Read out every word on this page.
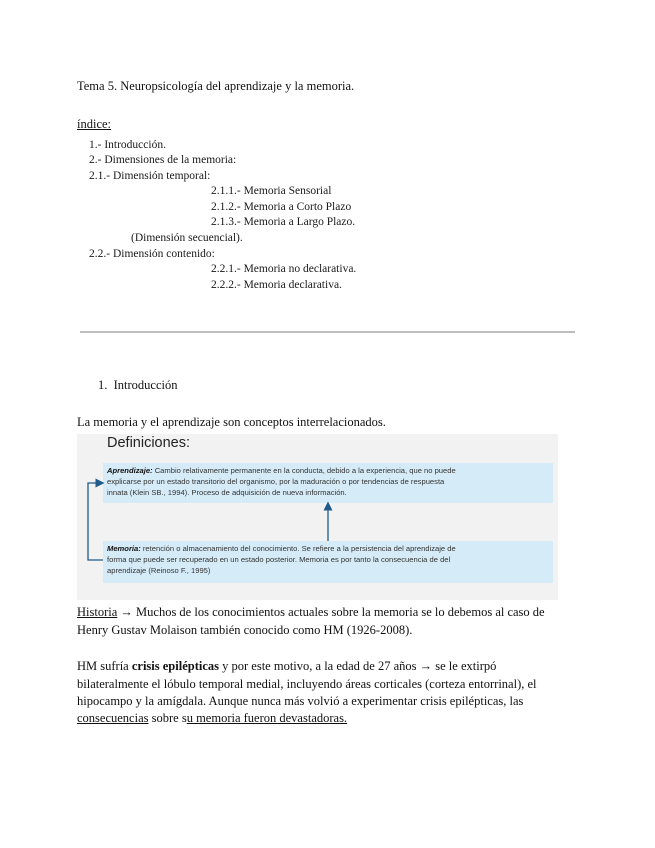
Tema 5. Neuropsicología del aprendizaje y la memoria.
índice:
1.- Introducción.
2.- Dimensiones de la memoria:
2.1.- Dimensión temporal:
2.1.1.- Memoria Sensorial
2.1.2.- Memoria a Corto Plazo
2.1.3.- Memoria a Largo Plazo.
(Dimensión secuencial).
2.2.- Dimensión contenido:
2.2.1.- Memoria no declarativa.
2.2.2.- Memoria declarativa.
1. Introducción
La memoria y el aprendizaje son conceptos interrelacionados.
Definiciones:
Aprendizaje: Cambio relativamente permanente en la conducta, debido a la experiencia, que no puede
explicarse por un estado transitorio del organismo, por la maduración o por tendencias de respuesta
innata (Klein SB., 1994). Proceso de adquisición de nueva información.
Memoria: retención o almacenamiento del conocimiento. Se refiere a la persistencia del aprendizaje de
forma que puede ser recuperado en un estado posterior. Memoria es por tanto la consecuencia de del
aprendizaje (Reinoso F., 1995)
Historia → Muchos de los conocimientos actuales sobre la memoria se lo debemos al caso de
Henry Gustav Molaison también conocido como HM (1926-2008).
HM sufría crisis epilépticas y por este motivo, a la edad de 27 años → se le extirpó
bilateralmente el lóbulo temporal medial, incluyendo áreas corticales (corteza entorrinal), el
hipocampo y la amígdala. Aunque nunca más volvió a experimentar crisis epilépticas, las
consecuencias sobre su memoria fueron devastadoras.
